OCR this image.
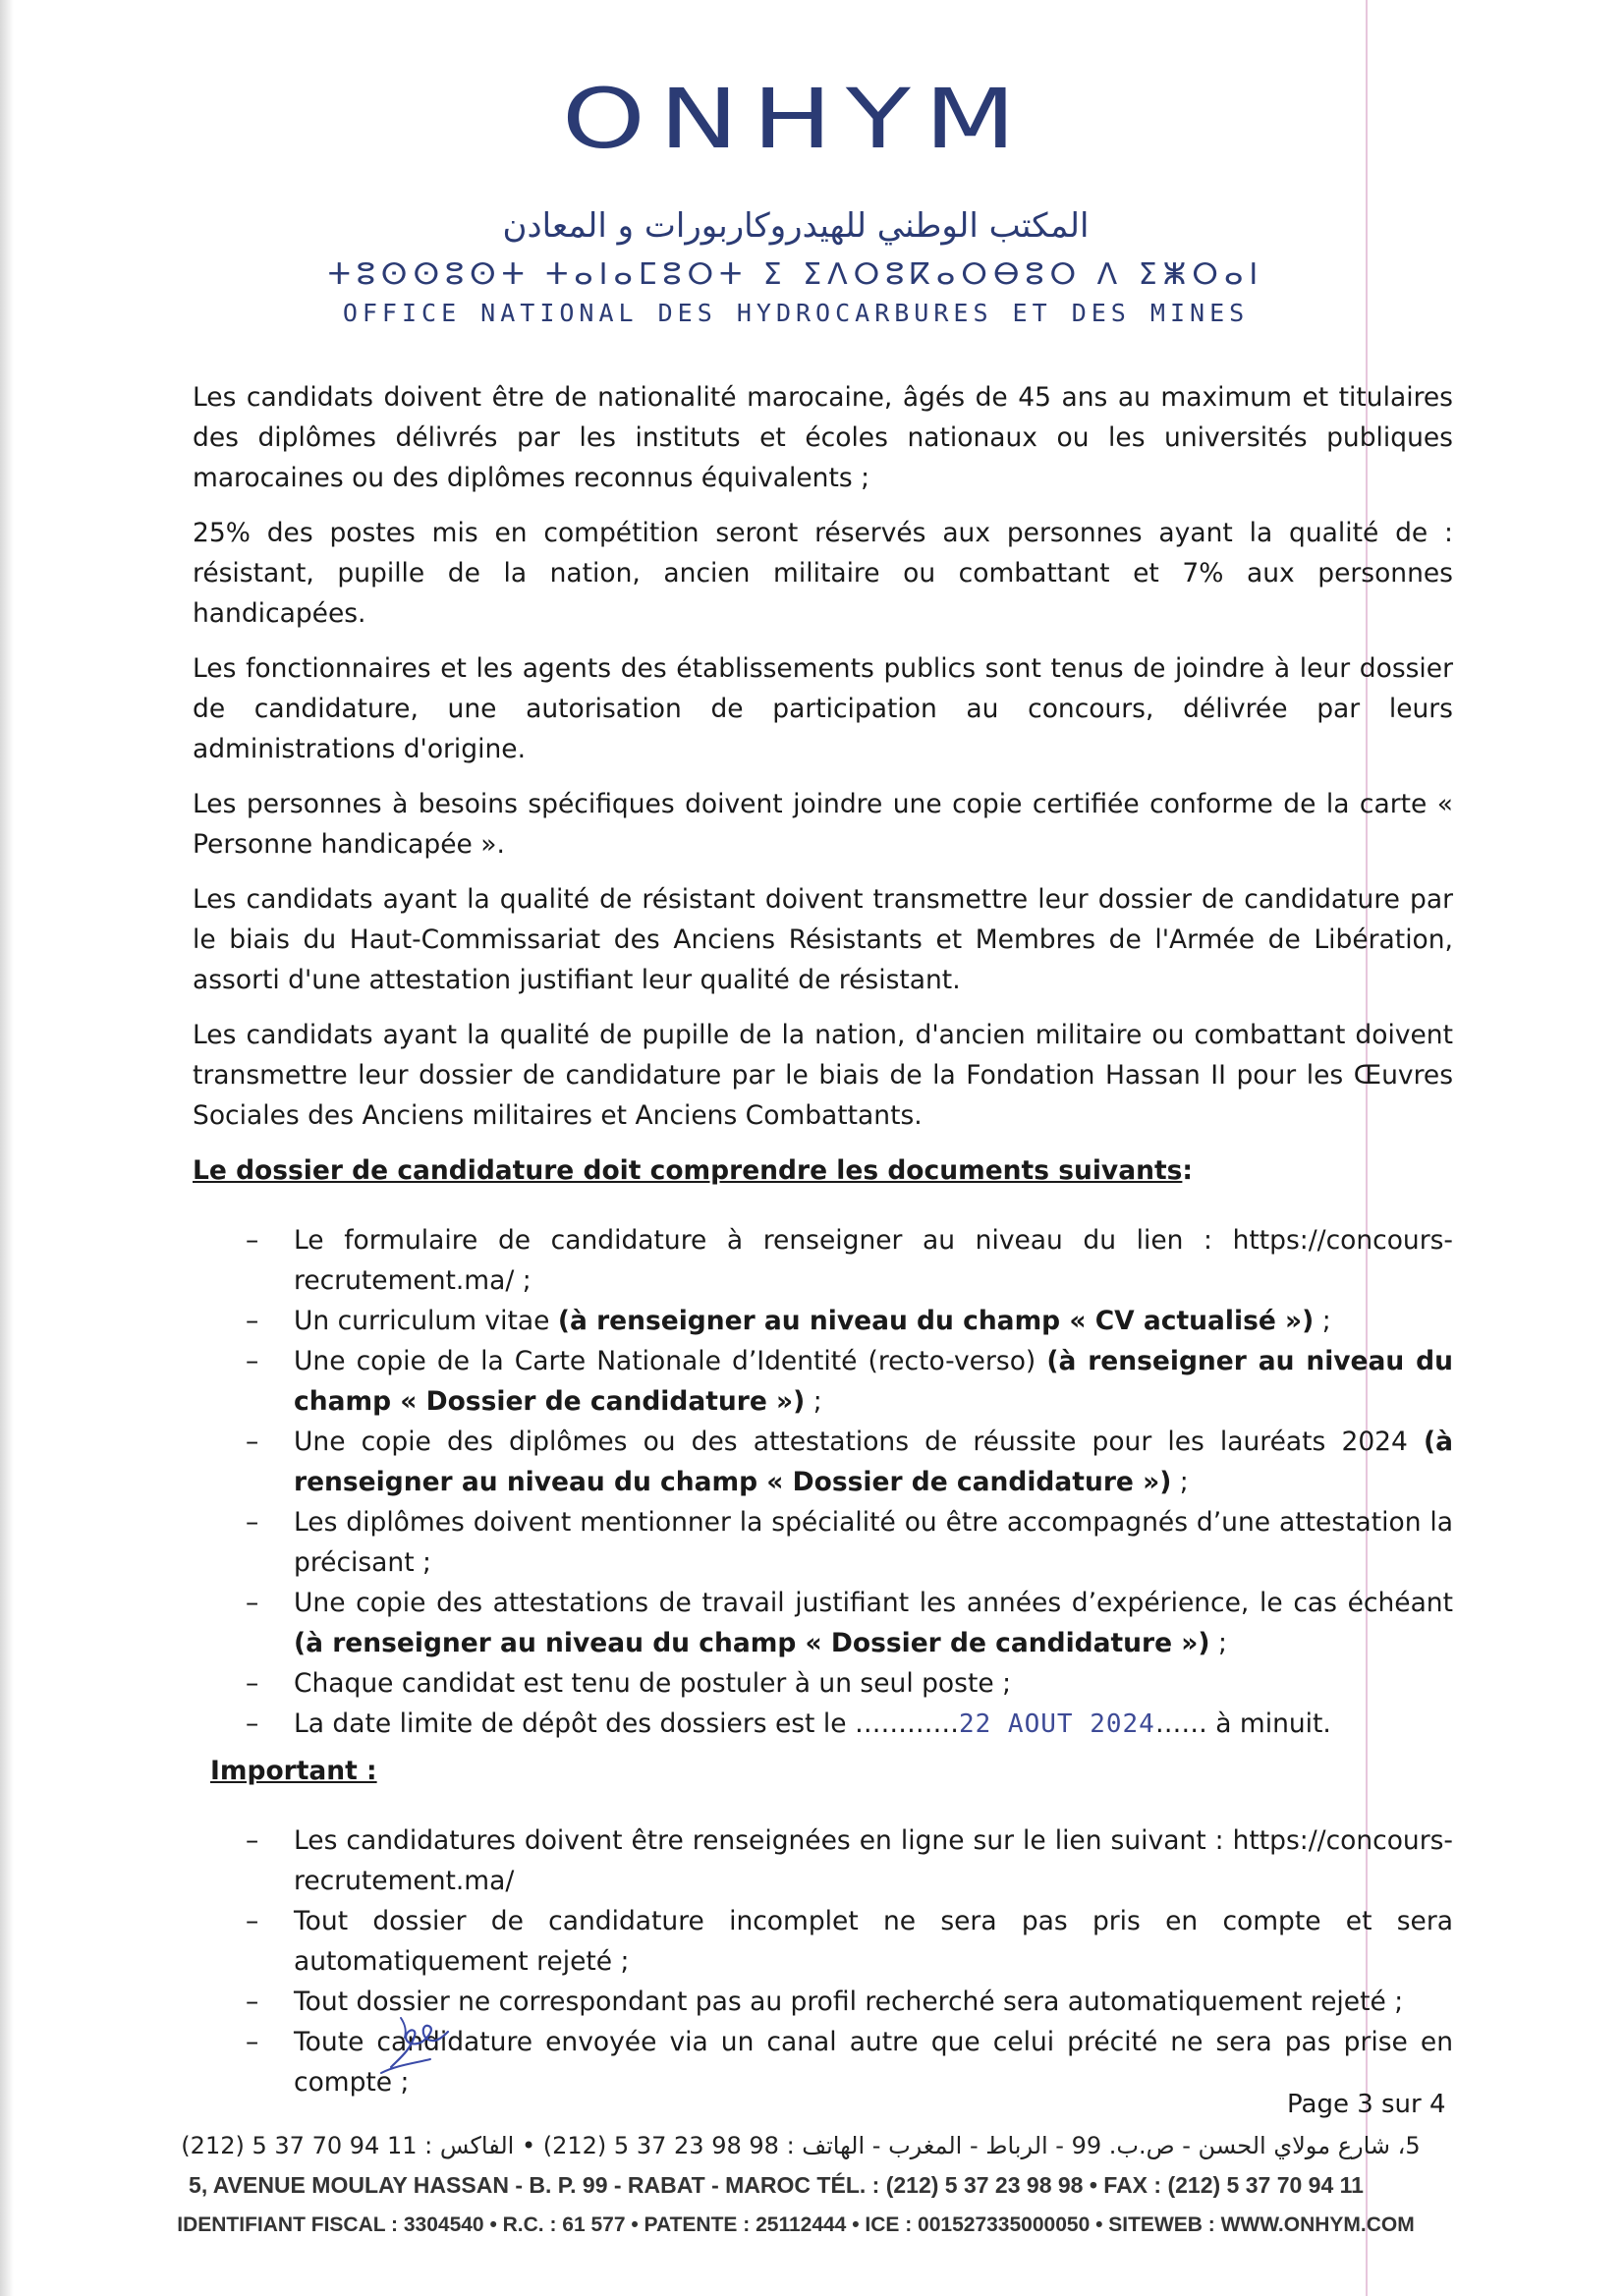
ONHYM
المكتب الوطني للهيدروكاربورات و المعادن
ⵜⵓⵙⵙⵓⵙⵜ ⵜⴰⵏⴰⵎⵓⵔⵜ ⵉ ⵉⴷⵔⵓⴽⴰⵔⴱⵓⵔ ⴷ ⵉⵥⵔⴰⵏ
OFFICE NATIONAL DES HYDROCARBURES ET DES MINES

Les candidats doivent être de nationalité marocaine, âgés de 45 ans au maximum et titulaires des diplômes délivrés par les instituts et écoles nationaux ou les universités publiques marocaines ou des diplômes reconnus équivalents ;

25% des postes mis en compétition seront réservés aux personnes ayant la qualité de : résistant, pupille de la nation, ancien militaire ou combattant et 7% aux personnes handicapées.

Les fonctionnaires et les agents des établissements publics sont tenus de joindre à leur dossier de candidature, une autorisation de participation au concours, délivrée par leurs administrations d'origine.

Les personnes à besoins spécifiques doivent joindre une copie certifiée conforme de la carte « Personne handicapée ».

Les candidats ayant la qualité de résistant doivent transmettre leur dossier de candidature par le biais du Haut-Commissariat des Anciens Résistants et Membres de l'Armée de Libération, assorti d'une attestation justifiant leur qualité de résistant.

Les candidats ayant la qualité de pupille de la nation, d'ancien militaire ou combattant doivent transmettre leur dossier de candidature par le biais de la Fondation Hassan II pour les Œuvres Sociales des Anciens militaires et Anciens Combattants.

Le dossier de candidature doit comprendre les documents suivants:
– Le formulaire de candidature à renseigner au niveau du lien : https://concours-recrutement.ma/ ;
– Un curriculum vitae (à renseigner au niveau du champ « CV actualisé ») ;
– Une copie de la Carte Nationale d’Identité (recto-verso) (à renseigner au niveau du champ « Dossier de candidature ») ;
– Une copie des diplômes ou des attestations de réussite pour les lauréats 2024 (à renseigner au niveau du champ « Dossier de candidature ») ;
– Les diplômes doivent mentionner la spécialité ou être accompagnés d’une attestation la précisant ;
– Une copie des attestations de travail justifiant les années d’expérience, le cas échéant (à renseigner au niveau du champ « Dossier de candidature ») ;
– Chaque candidat est tenu de postuler à un seul poste ;
– La date limite de dépôt des dossiers est le …………22 AOUT 2024…… à minuit.
Important :
– Les candidatures doivent être renseignées en ligne sur le lien suivant : https://concours-recrutement.ma/
– Tout dossier de candidature incomplet ne sera pas pris en compte et sera automatiquement rejeté ;
– Tout dossier ne correspondant pas au profil recherché sera automatiquement rejeté ;
– Toute candidature envoyée via un canal autre que celui précité ne sera pas prise en compte ;
Page 3 sur 4
5، شارع مولاي الحسن - ص.ب. 99 - الرباط - المغرب - الهاتف : 98 98 23 37 5 (212) • الفاكس : 11 94 70 37 5 (212)
5, AVENUE MOULAY HASSAN - B. P. 99 - RABAT - MAROC TÉL. : (212) 5 37 23 98 98 • FAX : (212) 5 37 70 94 11
IDENTIFIANT FISCAL : 3304540 • R.C. : 61 577 • PATENTE : 25112444 • ICE : 001527335000050 • SITEWEB : WWW.ONHYM.COM
